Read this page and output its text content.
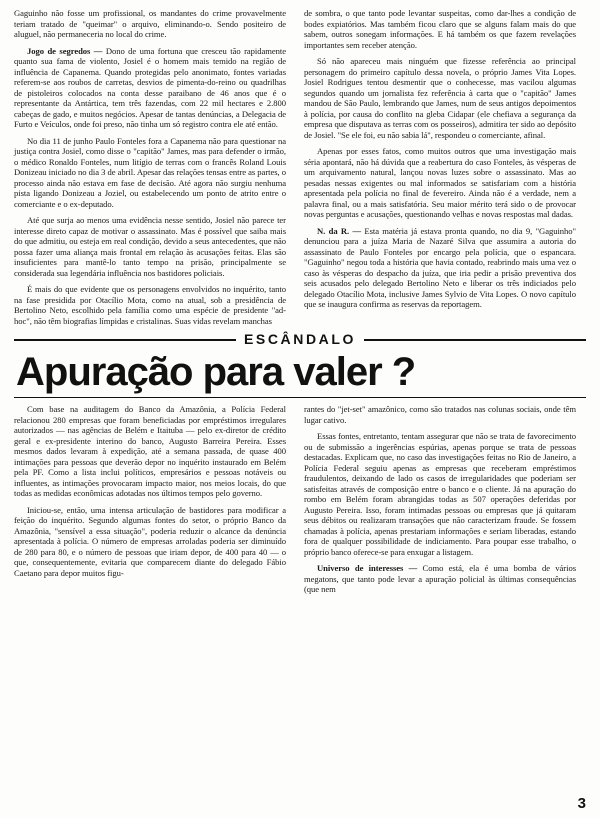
Gaguinho não fosse um profissional, os mandantes do crime provavelmente teriam tratado de "queimar" o arquivo, eliminando-o. Sendo positeiro de aluguel, não permaneceria no local do crime.

Jogo de segredos — Dono de uma fortuna que cresceu tão rapidamente quanto sua fama de violento, Josiel é o homem mais temido na região de influência de Capanema. Quando protegidas pelo anonimato, fontes variadas referem-se aos roubos de carretas, desvios de pimenta-do-reino ou quadrilhas de pistoleiros colocados na conta desse paraibano de 46 anos que é o representante da Antártica, tem três fazendas, com 22 mil hectares e 2.800 cabeças de gado, e muitos negócios. Apesar de tantas denúncias, a Delegacia de Furto e Veículos, onde foi preso, não tinha um só registro contra ele até então.

No dia 11 de junho Paulo Fonteles fora a Capanema não para questionar na justiça contra Josiel, como disse o "capitão" James, mas para defender o irmão, o médico Ronaldo Fonteles, num litígio de terras com o francês Roland Louis Donizeau iniciado no dia 3 de abril. Apesar das relações tensas entre as partes, o processo ainda não estava em fase de decisão. Até agora não surgiu nenhuma pista ligando Donizeau a Joziel, ou estabelecendo um ponto de atrito entre o comerciante e o ex-deputado.

Até que surja ao menos uma evidência nesse sentido, Josiel não parece ter interesse direto capaz de motivar o assassinato. Mas é possível que saiba mais do que admitiu, ou esteja em real condição, devido a seus antecedentes, que não possa fazer uma aliança mais frontal em relação às acusações feitas. Elas são insuficientes para mantê-lo tanto tempo na prisão, principalmente se considerada sua legendária influência nos bastidores policiais.

É mais do que evidente que os personagens envolvidos no inquérito, tanto na fase presidida por Otacílio Mota, como na atual, sob a presidência de Bertolino Neto, escolhido pela família como uma espécie de presidente "ad-hoc", não têm biografias límpidas e cristalinas. Suas vidas revelam manchas

de sombra, o que tanto pode levantar suspeitas, como dar-lhes a condição de bodes expiatórios. Mas também ficou claro que se alguns falam mais do que sabem, outros sonegam informações. E há também os que fazem revelações importantes sem receber atenção.

Só não apareceu mais ninguém que fizesse referência ao principal personagem do primeiro capítulo dessa novela, o próprio James Vita Lopes. Josiel Rodrigues tentou desmentir que o conhecesse, mas vacilou algumas segundos quando um jornalista fez referência à carta que o "capitão" James mandou de São Paulo, lembrando que James, num de seus antigos depoimentos à polícia, por causa do conflito na gleba Cidapar (ele chefiava a segurança da empresa que disputava as terras com os posseiros), admitira ter sido ao depósito de Josiel. "Se ele foi, eu não sabia lá", respondeu o comerciante, afinal.

Apenas por esses fatos, como muitos outros que uma investigação mais séria apontará, não há dúvida que a reabertura do caso Fonteles, às vésperas de um arquivamento natural, lançou novas luzes sobre o assassinato. Mas ao pesadas nessas exigentes ou mal informados se satisfariam com a história apresentada pela polícia no final de fevereiro. Ainda não é a verdade, nem a palavra final, ou a mais satisfatória. Seu maior mérito terá sido o de provocar novas perguntas e acusações, questionando velhas e novas respostas mal dadas.

N. da R. — Esta matéria já estava pronta quando, no dia 9, "Gaguinho" denunciou para a juíza Maria de Nazaré Silva que assumira a autoria do assassinato de Paulo Fonteles por encargo pela polícia, que o espancara. "Gaguinho" negou toda a história que havia contado, reabrindo mais uma vez o caso às vésperas do despacho da juíza, que iria pedir a prisão preventiva dos seis acusados pelo delegado Bertolino Neto e liberar os três indiciados pelo delegado Otacílio Mota, inclusive James Sylvio de Vita Lopes. O novo capítulo que se inaugura confirma as reservas da reportagem.

ESCÂNDALO
Apuração para valer ?

Com base na auditagem do Banco da Amazônia, a Polícia Federal relacionou 280 empresas que foram beneficiadas por empréstimos irregulares autorizados — nas agências de Belém e Itaituba — pelo ex-diretor de crédito geral e ex-presidente interino do banco, Augusto Barreira Pereira. Esses mesmos dados levaram à expedição, até a semana passada, de quase 400 intimações para pessoas que deverão depor no inquérito instaurado em Belém pela PF. Como a lista inclui políticos, empresários e pessoas notáveis ou influentes, as intimações provocaram impacto maior, nos meios locais, do que todas as medidas econômicas adotadas nos últimos tempos pelo governo.

Iniciou-se, então, uma intensa articulação de bastidores para modificar a feição do inquérito. Segundo algumas fontes do setor, o próprio Banco da Amazônia, "sensível a essa situação", poderia reduzir o alcance da denúncia apresentada à polícia. O número de empresas arroladas poderia ser diminuído de 280 para 80, e o número de pessoas que iriam depor, de 400 para 40 — o que, consequentemente, evitaria que comparecem diante do delegado Fábio Caetano para depor muitos figu-

rantes do "jet-set" amazônico, como são tratados nas colunas sociais, onde têm lugar cativo.

Essas fontes, entretanto, tentam assegurar que não se trata de favorecimento ou de submissão a ingerências espúrias, apenas porque se trata de pessoas destacadas. Explicam que, no caso das investigações feitas no Rio de Janeiro, a Polícia Federal seguiu apenas as empresas que receberam empréstimos fraudulentos, deixando de lado os casos de irregularidades que poderiam ser satisfeitas através de composição entre o banco e o cliente. Já na apuração do rombo em Belém foram abrangidas todas as 507 operações deferidas por Augusto Pereira. Isso, foram intimadas pessoas ou empresas que já quitaram seus débitos ou realizaram transações que não caracterizam fraude. Se fossem chamadas à polícia, apenas prestariam informações e seriam liberadas, estando fora de qualquer possibilidade de indiciamento. Para poupar esse trabalho, o próprio banco oferece-se para enxugar a listagem.

Universo de interesses — Como está, ela é uma bomba de vários megatons, que tanto pode levar a apuração policial às últimas consequências (que nem

3
